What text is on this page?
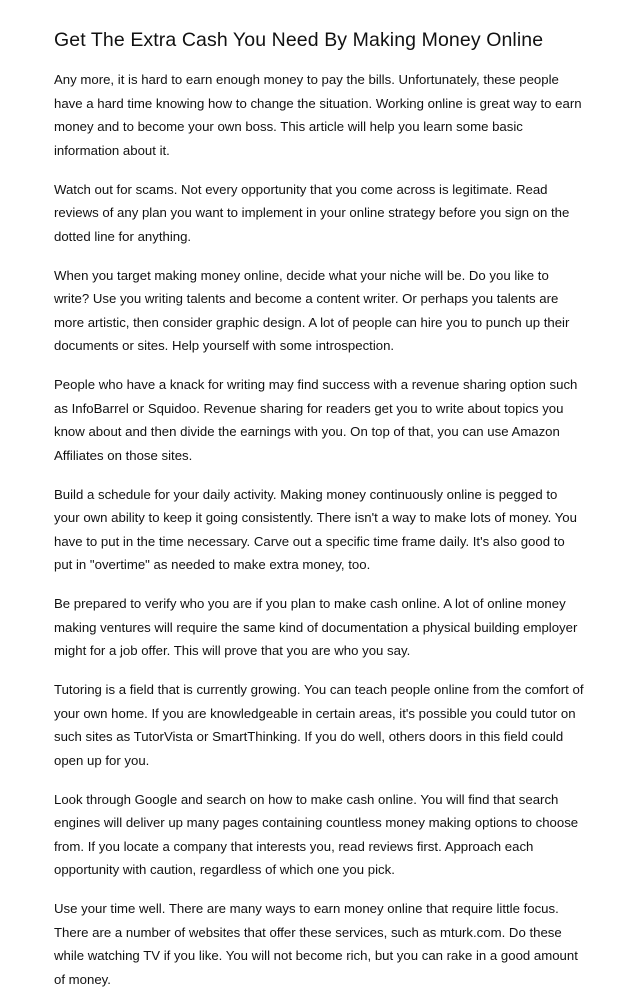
Get The Extra Cash You Need By Making Money Online

Any more, it is hard to earn enough money to pay the bills. Unfortunately, these people have a hard time knowing how to change the situation. Working online is great way to earn money and to become your own boss. This article will help you learn some basic information about it.

Watch out for scams. Not every opportunity that you come across is legitimate. Read reviews of any plan you want to implement in your online strategy before you sign on the dotted line for anything.

When you target making money online, decide what your niche will be. Do you like to write? Use you writing talents and become a content writer. Or perhaps you talents are more artistic, then consider graphic design. A lot of people can hire you to punch up their documents or sites. Help yourself with some introspection.

People who have a knack for writing may find success with a revenue sharing option such as InfoBarrel or Squidoo. Revenue sharing for readers get you to write about topics you know about and then divide the earnings with you. On top of that, you can use Amazon Affiliates on those sites.

Build a schedule for your daily activity. Making money continuously online is pegged to your own ability to keep it going consistently. There isn't a way to make lots of money. You have to put in the time necessary. Carve out a specific time frame daily. It's also good to put in "overtime" as needed to make extra money, too.

Be prepared to verify who you are if you plan to make cash online. A lot of online money making ventures will require the same kind of documentation a physical building employer might for a job offer. This will prove that you are who you say.

Tutoring is a field that is currently growing. You can teach people online from the comfort of your own home. If you are knowledgeable in certain areas, it's possible you could tutor on such sites as TutorVista or SmartThinking. If you do well, others doors in this field could open up for you.

Look through Google and search on how to make cash online. You will find that search engines will deliver up many pages containing countless money making options to choose from. If you locate a company that interests you, read reviews first. Approach each opportunity with caution, regardless of which one you pick.

Use your time well. There are many ways to earn money online that require little focus. There are a number of websites that offer these services, such as mturk.com. Do these while watching TV if you like. You will not become rich, but you can rake in a good amount of money.
